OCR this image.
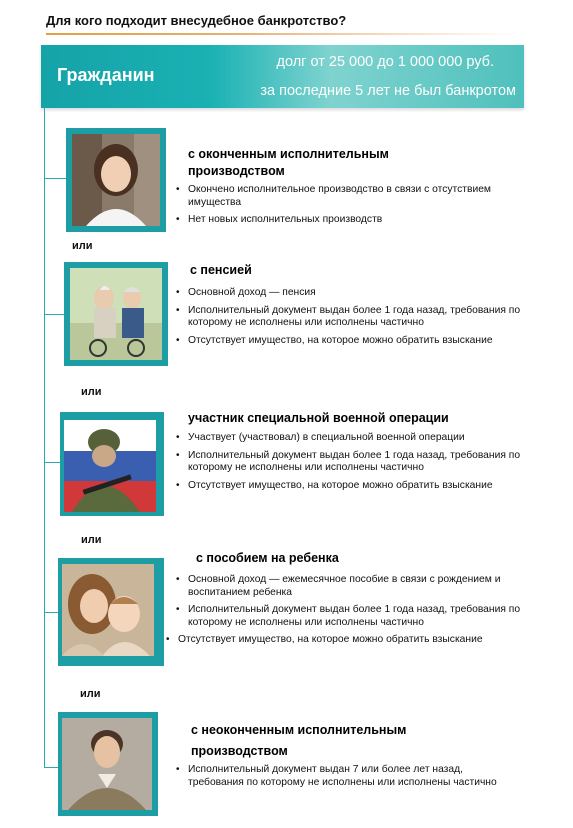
Для кого подходит внесудебное банкротство?
Гражданин
долг от 25 000 до 1 000 000 руб.
за последние 5 лет не был банкротом
с оконченным исполнительным производством
• Окончено исполнительное производство в связи с отсутствием имущества
• Нет новых исполнительных производств
или
с пенсией
• Основной доход — пенсия
• Исполнительный документ выдан более 1 года назад, требования по которому не исполнены или исполнены частично
• Отсутствует имущество, на которое можно обратить взыскание
или
участник специальной военной операции
• Участвует (участвовал) в специальной военной операции
• Исполнительный документ выдан более 1 года назад, требования по которому не исполнены или исполнены частично
• Отсутствует имущество, на которое можно обратить взыскание
или
с пособием на ребенка
• Основной доход — ежемесячное пособие в связи с рождением и воспитанием ребенка
• Исполнительный документ выдан более 1 года назад, требования по которому не исполнены или исполнены частично
• Отсутствует имущество, на которое можно обратить взыскание
или
с неоконченным исполнительным производством
• Исполнительный документ выдан 7 или более лет назад, требования по которому не исполнены или исполнены частично
